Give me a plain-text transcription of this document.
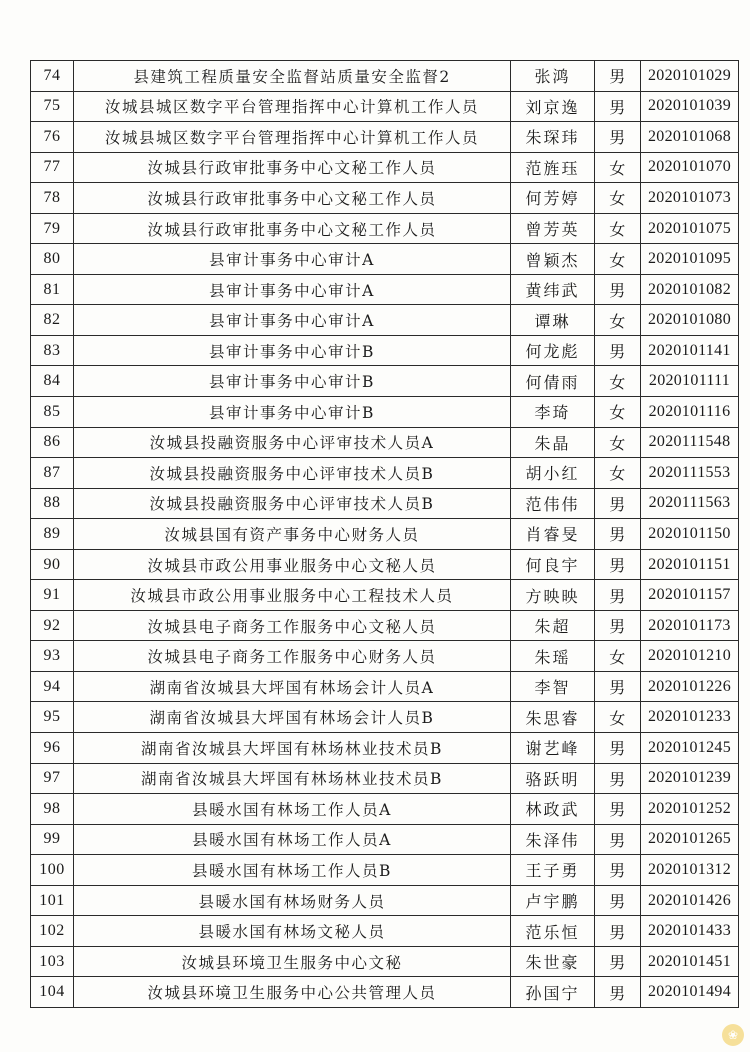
74	县建筑工程质量安全监督站质量安全监督2	张鸿	男	2020101029
75	汝城县城区数字平台管理指挥中心计算机工作人员	刘京逸	男	2020101039
76	汝城县城区数字平台管理指挥中心计算机工作人员	朱琛玮	男	2020101068
77	汝城县行政审批事务中心文秘工作人员	范旌珏	女	2020101070
78	汝城县行政审批事务中心文秘工作人员	何芳婷	女	2020101073
79	汝城县行政审批事务中心文秘工作人员	曾芳英	女	2020101075
80	县审计事务中心审计A	曾颖杰	女	2020101095
81	县审计事务中心审计A	黄纬武	男	2020101082
82	县审计事务中心审计A	谭琳	女	2020101080
83	县审计事务中心审计B	何龙彪	男	2020101141
84	县审计事务中心审计B	何倩雨	女	2020101111
85	县审计事务中心审计B	李琦	女	2020101116
86	汝城县投融资服务中心评审技术人员A	朱晶	女	2020111548
87	汝城县投融资服务中心评审技术人员B	胡小红	女	2020111553
88	汝城县投融资服务中心评审技术人员B	范伟伟	男	2020111563
89	汝城县国有资产事务中心财务人员	肖睿旻	男	2020101150
90	汝城县市政公用事业服务中心文秘人员	何良宇	男	2020101151
91	汝城县市政公用事业服务中心工程技术人员	方映映	男	2020101157
92	汝城县电子商务工作服务中心文秘人员	朱超	男	2020101173
93	汝城县电子商务工作服务中心财务人员	朱瑶	女	2020101210
94	湖南省汝城县大坪国有林场会计人员A	李智	男	2020101226
95	湖南省汝城县大坪国有林场会计人员B	朱思睿	女	2020101233
96	湖南省汝城县大坪国有林场林业技术员B	谢艺峰	男	2020101245
97	湖南省汝城县大坪国有林场林业技术员B	骆跃明	男	2020101239
98	县暖水国有林场工作人员A	林政武	男	2020101252
99	县暖水国有林场工作人员A	朱泽伟	男	2020101265
100	县暖水国有林场工作人员B	王子勇	男	2020101312
101	县暖水国有林场财务人员	卢宇鹏	男	2020101426
102	县暖水国有林场文秘人员	范乐恒	男	2020101433
103	汝城县环境卫生服务中心文秘	朱世豪	男	2020101451
104	汝城县环境卫生服务中心公共管理人员	孙国宁	男	2020101494
❀
